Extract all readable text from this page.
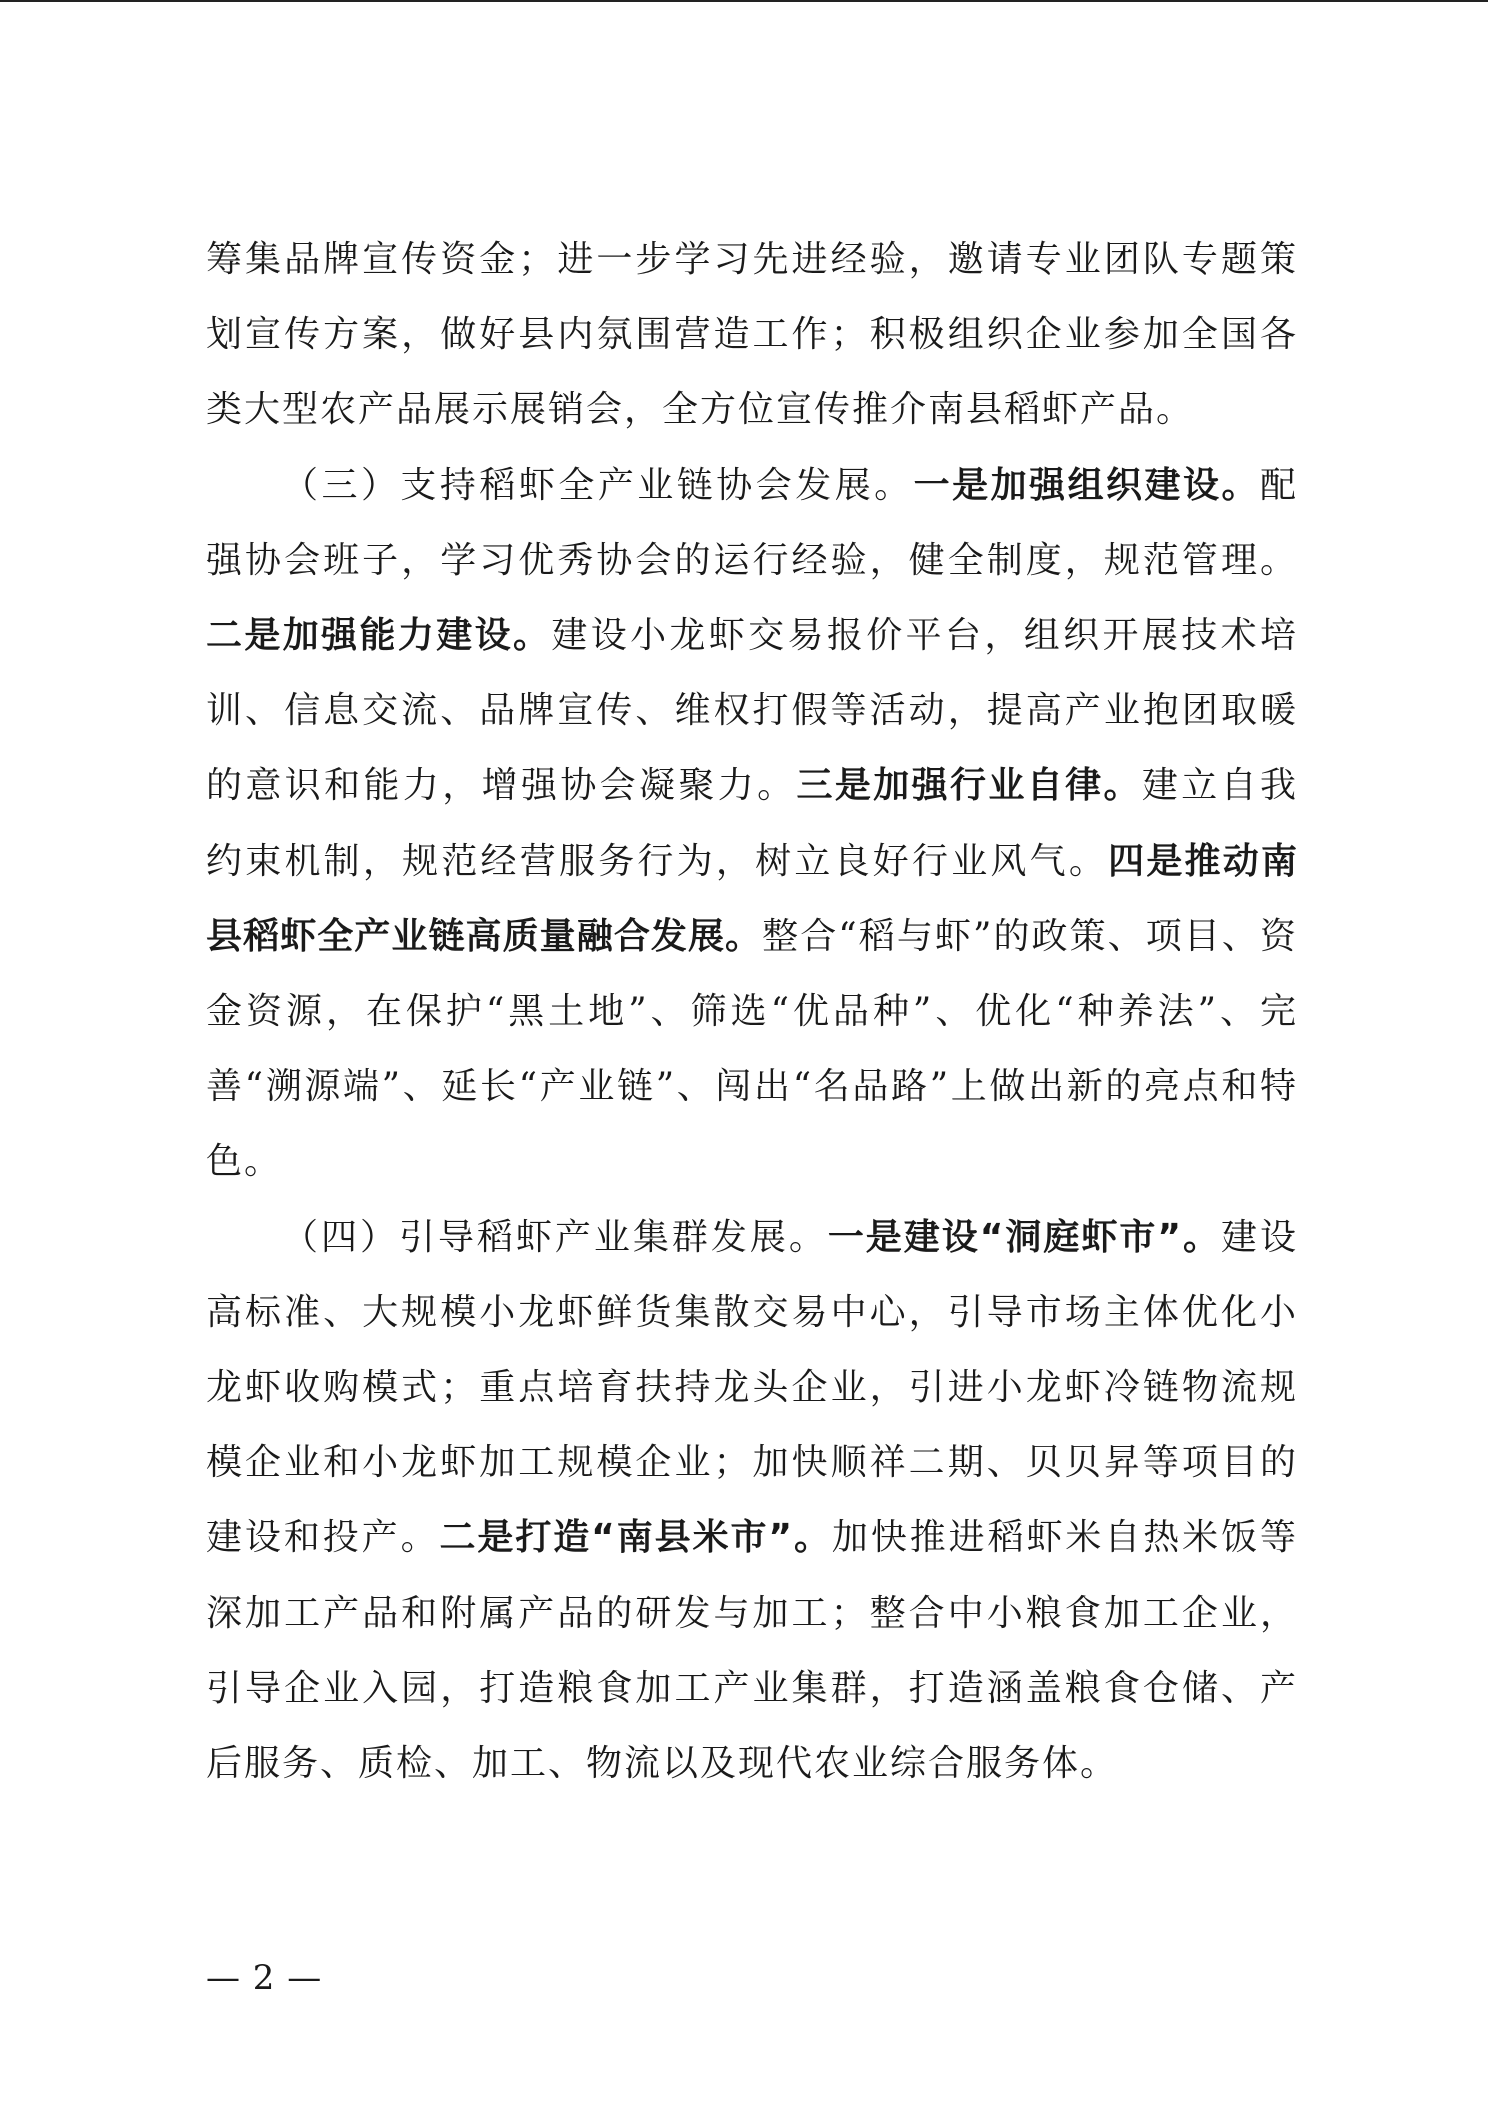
筹集品牌宣传资金；进一步学习先进经验，邀请专业团队专题策划宣传方案，做好县内氛围营造工作；积极组织企业参加全国各类大型农产品展示展销会，全方位宣传推介南县稻虾产品。

（三）支持稻虾全产业链协会发展。一是加强组织建设。配强协会班子，学习优秀协会的运行经验，健全制度，规范管理。二是加强能力建设。建设小龙虾交易报价平台，组织开展技术培训、信息交流、品牌宣传、维权打假等活动，提高产业抱团取暖的意识和能力，增强协会凝聚力。三是加强行业自律。建立自我约束机制，规范经营服务行为，树立良好行业风气。四是推动南县稻虾全产业链高质量融合发展。整合“稻与虾”的政策、项目、资金资源，在保护“黑土地”、筛选“优品种”、优化“种养法”、完善“溯源端”、延长“产业链”、闯出“名品路”上做出新的亮点和特色。

（四）引导稻虾产业集群发展。一是建设“洞庭虾市”。建设高标准、大规模小龙虾鲜货集散交易中心，引导市场主体优化小龙虾收购模式；重点培育扶持龙头企业，引进小龙虾冷链物流规模企业和小龙虾加工规模企业；加快顺祥二期、贝贝昇等项目的建设和投产。二是打造“南县米市”。加快推进稻虾米自热米饭等深加工产品和附属产品的研发与加工；整合中小粮食加工企业，引导企业入园，打造粮食加工产业集群，打造涵盖粮食仓储、产后服务、质检、加工、物流以及现代农业综合服务体。

— 2 —
